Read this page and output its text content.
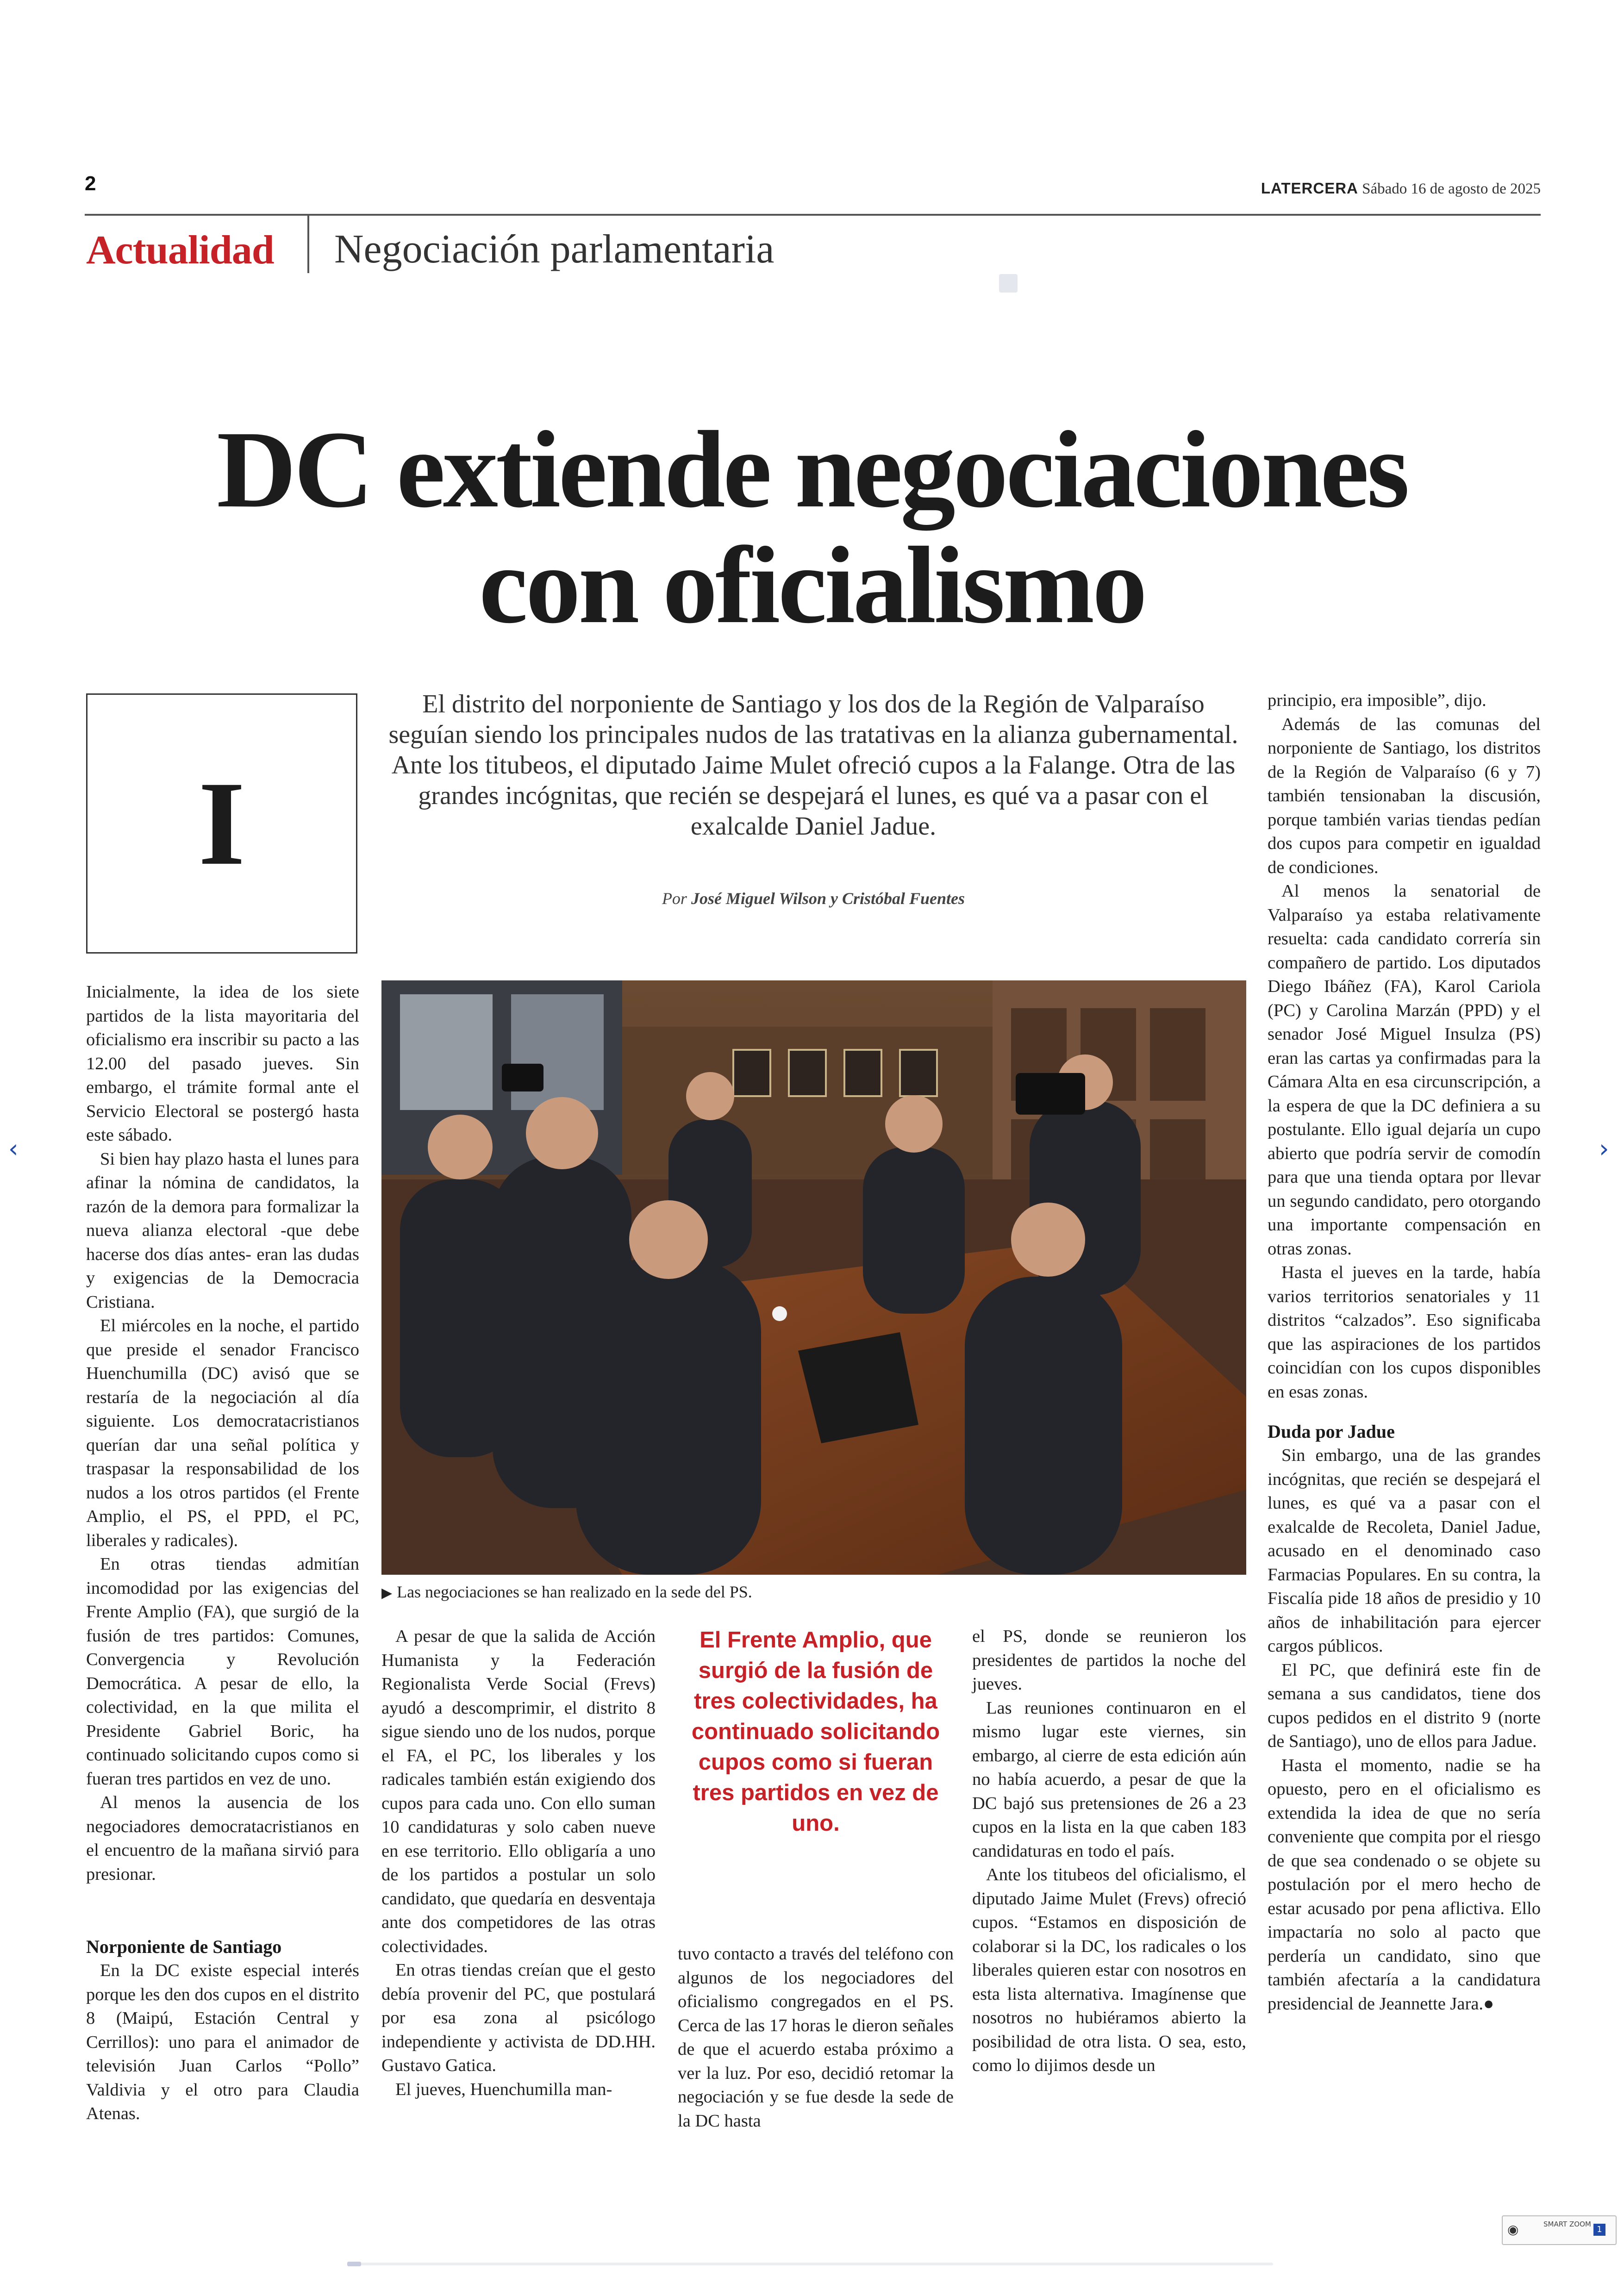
2	LATERCERA Sábado 16 de agosto de 2025
Actualidad Negociación parlamentaria
DC extiende negociaciones
con oficialismo
I
El distrito del norponiente de Santiago y los dos de la Región de Valparaíso seguían siendo los principales nudos de las tratativas en la alianza gubernamental. Ante los titubeos, el diputado Jaime Mulet ofreció cupos a la Falange. Otra de las grandes incógnitas, que recién se despejará el lunes, es qué va a pasar con el exalcalde Daniel Jadue.
Por José Miguel Wilson y Cristóbal Fuentes
▶ Las negociaciones se han realizado en la sede del PS.

Inicialmente, la idea de los siete partidos de la lista mayoritaria del oficialismo era inscribir su pacto a las 12.00 del pasado jueves. Sin embargo, el trámite formal ante el Servicio Electoral se postergó hasta este sábado.

Si bien hay plazo hasta el lunes para afinar la nómina de candidatos, la razón de la demora para formalizar la nueva alianza electoral -que debe hacerse dos días antes- eran las dudas y exigencias de la Democracia Cristiana.

El miércoles en la noche, el partido que preside el senador Francisco Huenchumilla (DC) avisó que se restaría de la negociación al día siguiente. Los democratacristianos querían dar una señal política y traspasar la responsabilidad de los nudos a los otros partidos (el Frente Amplio, el PS, el PPD, el PC, liberales y radicales).

En otras tiendas admitían incomodidad por las exigencias del Frente Amplio (FA), que surgió de la fusión de tres partidos: Comunes, Convergencia y Revolución Democrática. A pesar de ello, la colectividad, en la que milita el Presidente Gabriel Boric, ha continuado solicitando cupos como si fueran tres partidos en vez de uno.

Al menos la ausencia de los negociadores democratacristianos en el encuentro de la mañana sirvió para presionar.

Norponiente de Santiago

En la DC existe especial interés porque les den dos cupos en el distrito 8 (Maipú, Estación Central y Cerrillos): uno para el animador de televisión Juan Carlos “Pollo” Valdivia y el otro para Claudia Atenas.

A pesar de que la salida de Acción Humanista y la Federación Regionalista Verde Social (Frevs) ayudó a descomprimir, el distrito 8 sigue siendo uno de los nudos, porque el FA, el PC, los liberales y los radicales también están exigiendo dos cupos para cada uno. Con ello suman 10 candidaturas y solo caben nueve en ese territorio. Ello obligaría a uno de los partidos a postular un solo candidato, que quedaría en desventaja ante dos competidores de las otras colectividades.

En otras tiendas creían que el gesto debía provenir del PC, que postulará por esa zona al psicólogo independiente y activista de DD.HH. Gustavo Gatica.

El jueves, Huenchumilla man-

El Frente Amplio, que surgió de la fusión de tres colectividades, ha continuado solicitando cupos como si fueran tres partidos en vez de uno.

tuvo contacto a través del teléfono con algunos de los negociadores del oficialismo congregados en el PS. Cerca de las 17 horas le dieron señales de que el acuerdo estaba próximo a ver la luz. Por eso, decidió retomar la negociación y se fue desde la sede de la DC hasta

el PS, donde se reunieron los presidentes de partidos la noche del jueves.

Las reuniones continuaron en el mismo lugar este viernes, sin embargo, al cierre de esta edición aún no había acuerdo, a pesar de que la DC bajó sus pretensiones de 26 a 23 cupos en la lista en la que caben 183 candidaturas en todo el país.

Ante los titubeos del oficialismo, el diputado Jaime Mulet (Frevs) ofreció cupos. “Estamos en disposición de colaborar si la DC, los radicales o los liberales quieren estar con nosotros en esta lista alternativa. Imagínense que nosotros no hubiéramos abierto la posibilidad de otra lista. O sea, esto, como lo dijimos desde un

principio, era imposible”, dijo.

Además de las comunas del norponiente de Santiago, los distritos de la Región de Valparaíso (6 y 7) también tensionaban la discusión, porque también varias tiendas pedían dos cupos para competir en igualdad de condiciones.

Al menos la senatorial de Valparaíso ya estaba relativamente resuelta: cada candidato correría sin compañero de partido. Los diputados Diego Ibáñez (FA), Karol Cariola (PC) y Carolina Marzán (PPD) y el senador José Miguel Insulza (PS) eran las cartas ya confirmadas para la Cámara Alta en esa circunscripción, a la espera de que la DC definiera a su postulante. Ello igual dejaría un cupo abierto que podría servir de comodín para que una tienda optara por llevar un segundo candidato, pero otorgando una importante compensación en otras zonas.

Hasta el jueves en la tarde, había varios territorios senatoriales y 11 distritos “calzados”. Eso significaba que las aspiraciones de los partidos coincidían con los cupos disponibles en esas zonas.

Duda por Jadue

Sin embargo, una de las grandes incógnitas, que recién se despejará el lunes, es qué va a pasar con el exalcalde de Recoleta, Daniel Jadue, acusado en el denominado caso Farmacias Populares. En su contra, la Fiscalía pide 18 años de presidio y 10 años de inhabilitación para ejercer cargos públicos.

El PC, que definirá este fin de semana a sus candidatos, tiene dos cupos pedidos en el distrito 9 (norte de Santiago), uno de ellos para Jadue.

Hasta el momento, nadie se ha opuesto, pero en el oficialismo es extendida la idea de que no sería conveniente que compita por el riesgo de que sea condenado o se objete su postulación por el mero hecho de estar acusado por pena aflictiva. Ello impactaría no solo al pacto que perdería un candidato, sino que también afectaría a la candidatura presidencial de Jeannette Jara.●

‹	›
◉	SMART ZOOM
1
